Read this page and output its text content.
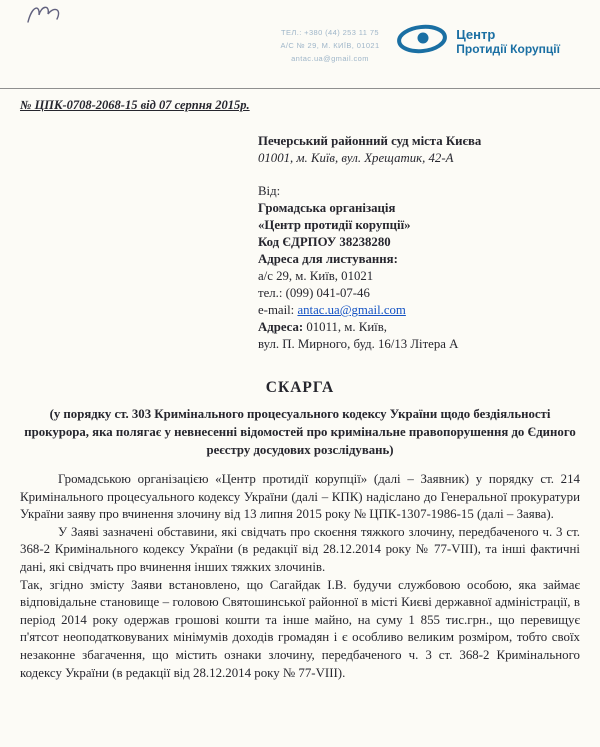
ТЕЛ.: +380 (44) 253 11 75
А/С № 29, М. КИЇВ, 01021
antac.ua@gmail.com
Центр
Протидії Корупції
№ ЦПК-0708-2068-15 від 07 серпня 2015р.
Печерський районний суд міста Києва
01001, м. Київ, вул. Хрещатик, 42-А
Від:
Громадська організація
«Центр протидії корупції»
Код ЄДРПОУ 38238280
Адреса для листування:
а/с 29, м. Київ, 01021
тел.: (099) 041-07-46
e-mail: antac.ua@gmail.com
Адреса: 01011, м. Київ,
вул. П. Мирного, буд. 16/13 Літера А
СКАРГА
(у порядку ст. 303 Кримінального процесуального кодексу України щодо бездіяльності прокурора, яка полягає у невнесенні відомостей про кримінальне правопорушення до Єдиного реєстру досудових розслідувань)

Громадською організацією «Центр протидії корупції» (далі – Заявник) у порядку ст. 214 Кримінального процесуального кодексу України (далі – КПК) надіслано до Генеральної прокуратури України заяву про вчинення злочину від 13 липня 2015 року № ЦПК-1307-1986-15 (далі – Заява).

У Заяві зазначені обставини, які свідчать про скоєння тяжкого злочину, передбаченого ч. 3 ст. 368-2 Кримінального кодексу України (в редакції від 28.12.2014 року № 77-VIII), та інші фактичні дані, які свідчать про вчинення інших тяжких злочинів.

Так, згідно змісту Заяви встановлено, що Сагайдак І.В. будучи службовою особою, яка займає відповідальне становище – головою Святошинської районної в місті Києві державної адміністрації, в період 2014 року одержав грошові кошти та інше майно, на суму 1 855 тис.грн., що перевищує п'ятсот неоподатковуваних мінімумів доходів громадян і є особливо великим розміром, тобто своїх незаконне збагачення, що містить ознаки злочину, передбаченого ч. 3 ст. 368-2 Кримінального кодексу України (в редакції від 28.12.2014 року № 77-VIII).
